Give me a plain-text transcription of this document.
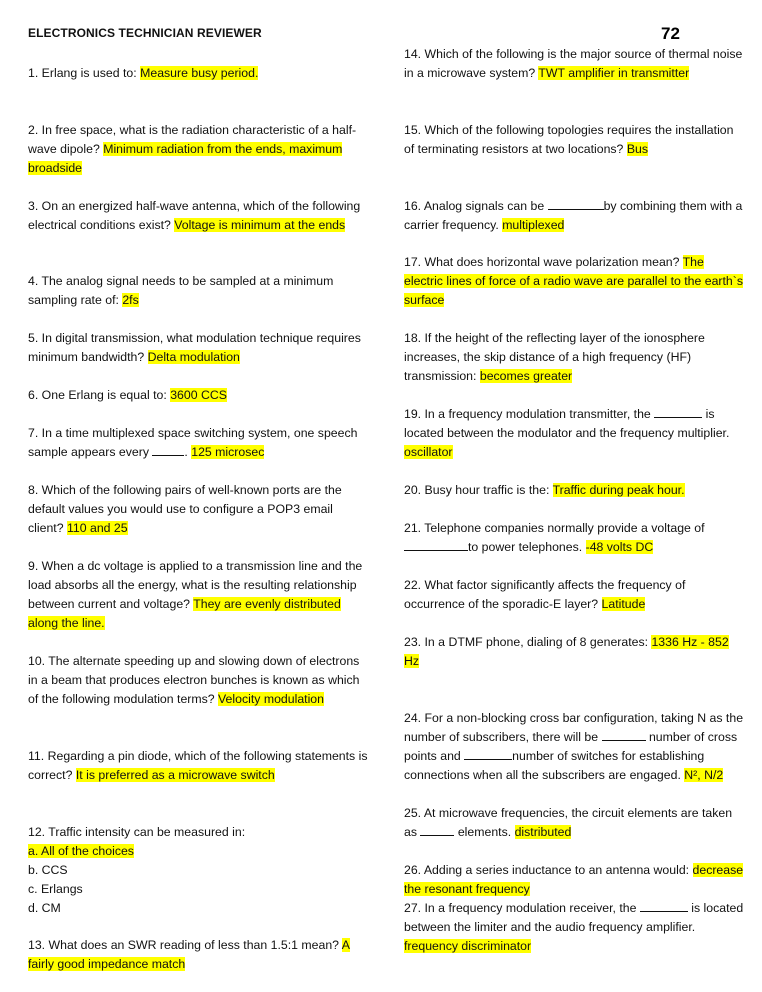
ELECTRONICS TECHNICIAN REVIEWER	72
1. Erlang is used to: Measure busy period.
2. In free space, what is the radiation characteristic of a half-wave dipole? Minimum radiation from the ends, maximum broadside
3. On an energized half-wave antenna, which of the following electrical conditions exist? Voltage is minimum at the ends
4. The analog signal needs to be sampled at a minimum sampling rate of: 2fs
5. In digital transmission, what modulation technique requires minimum bandwidth? Delta modulation
6. One Erlang is equal to: 3600 CCS
7. In a time multiplexed space switching system, one speech sample appears every	. 125 microsec
8. Which of the following pairs of well-known ports are the default values you would use to configure a POP3 email client? 110 and 25
9. When a dc voltage is applied to a transmission line and the load absorbs all the energy, what is the resulting relationship between current and voltage? They are evenly distributed along the line.
10. The alternate speeding up and slowing down of electrons in a beam that produces electron bunches is known as which of the following modulation terms? Velocity modulation
11. Regarding a pin diode, which of the following statements is correct? It is preferred as a microwave switch
12. Traffic intensity can be measured in:
a. All of the choices
b. CCS
c. Erlangs
d. CM
13. What does an SWR reading of less than 1.5:1 mean? A fairly good impedance match
14. Which of the following is the major source of thermal noise in a microwave system? TWT amplifier in transmitter
15. Which of the following topologies requires the installation of terminating resistors at two locations? Bus
16. Analog signals can be	by combining them with a carrier frequency. multiplexed
17. What does horizontal wave polarization mean? The electric lines of force of a radio wave are parallel to the earth`s surface
18. If the height of the reflecting layer of the ionosphere increases, the skip distance of a high frequency (HF) transmission: becomes greater
19. In a frequency modulation transmitter, the	is located between the modulator and the frequency multiplier. oscillator
20. Busy hour traffic is the: Traffic during peak hour.
21. Telephone companies normally provide a voltage of to power telephones. -48 volts DC
22. What factor significantly affects the frequency of occurrence of the sporadic-E layer? Latitude
23. In a DTMF phone, dialing of 8 generates: 1336 Hz - 852 Hz
24. For a non-blocking cross bar configuration, taking N as the number of subscribers, there will be	number of cross points and	number of switches for establishing connections when all the subscribers are engaged. N², N/2
25. At microwave frequencies, the circuit elements are taken as	elements. distributed
26. Adding a series inductance to an antenna would: decrease the resonant frequency
27. In a frequency modulation receiver, the	is located between the limiter and the audio frequency amplifier. frequency discriminator
